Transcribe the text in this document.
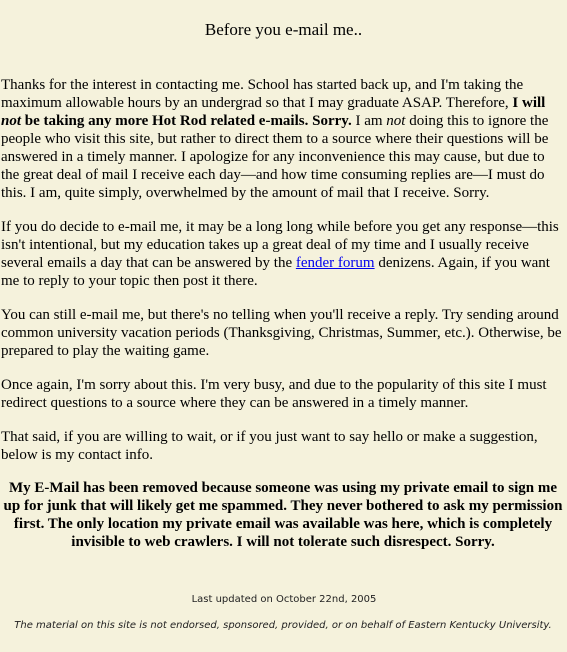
Before you e-mail me..

Thanks for the interest in contacting me. School has started back up, and I'm taking the maximum allowable hours by an undergrad so that I may graduate ASAP. Therefore, I will not be taking any more Hot Rod related e-mails. Sorry. I am not doing this to ignore the people who visit this site, but rather to direct them to a source where their questions will be answered in a timely manner. I apologize for any inconvenience this may cause, but due to the great deal of mail I receive each day—and how time consuming replies are—I must do this. I am, quite simply, overwhelmed by the amount of mail that I receive. Sorry.

If you do decide to e-mail me, it may be a long long while before you get any response—this isn't intentional, but my education takes up a great deal of my time and I usually receive several emails a day that can be answered by the fender forum denizens. Again, if you want me to reply to your topic then post it there.

You can still e-mail me, but there's no telling when you'll receive a reply. Try sending around common university vacation periods (Thanksgiving, Christmas, Summer, etc.). Otherwise, be prepared to play the waiting game.

Once again, I'm sorry about this. I'm very busy, and due to the popularity of this site I must redirect questions to a source where they can be answered in a timely manner.

That said, if you are willing to wait, or if you just want to say hello or make a suggestion, below is my contact info.

My E-Mail has been removed because someone was using my private email to sign me up for junk that will likely get me spammed. They never bothered to ask my permission first. The only location my private email was available was here, which is completely invisible to web crawlers. I will not tolerate such disrespect. Sorry.

Last updated on October 22nd, 2005
The material on this site is not endorsed, sponsored, provided, or on behalf of Eastern Kentucky University.
